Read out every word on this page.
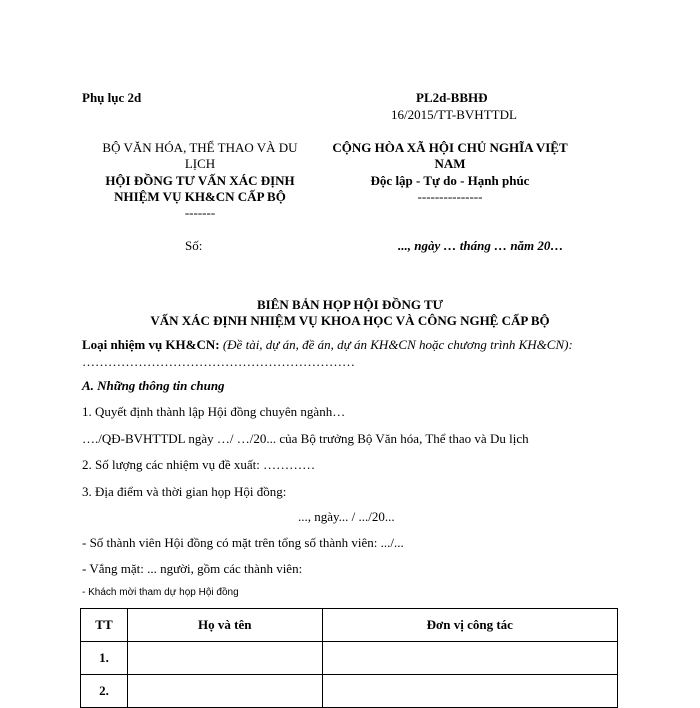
Phụ lục 2d	PL2d-BBHĐ
16/2015/TT-BVHTTDL
BỘ VĂN HÓA, THỂ THAO VÀ DU
LỊCH
HỘI ĐỒNG TƯ VẤN XÁC ĐỊNH
NHIỆM VỤ KH&CN CẤP BỘ
-------
Số:
CỘNG HÒA XÃ HỘI CHỦ NGHĨA VIỆT
NAM
Độc lập - Tự do - Hạnh phúc
---------------
..., ngày … tháng … năm 20…
BIÊN BẢN HỌP HỘI ĐỒNG TƯ
VẤN XÁC ĐỊNH NHIỆM VỤ KHOA HỌC VÀ CÔNG NGHỆ CẤP BỘ
Loại nhiệm vụ KH&CN: (Đề tài, dự án, đề án, dự án KH&CN hoặc chương trình KH&CN):
………………………………………………………
A. Những thông tin chung
1. Quyết định thành lập Hội đồng chuyên ngành…
…./QĐ-BVHTTDL ngày …/ …/20... của Bộ trưởng Bộ Văn hóa, Thể thao và Du lịch
2. Số lượng các nhiệm vụ đề xuất: …………
3. Địa điểm và thời gian họp Hội đồng:
..., ngày... / .../20...
- Số thành viên Hội đồng có mặt trên tổng số thành viên: .../...
- Vắng mặt: ... người, gồm các thành viên:
- Khách mời tham dự họp Hội đồng
TT	Họ và tên	Đơn vị công tác
1.		
2.		
